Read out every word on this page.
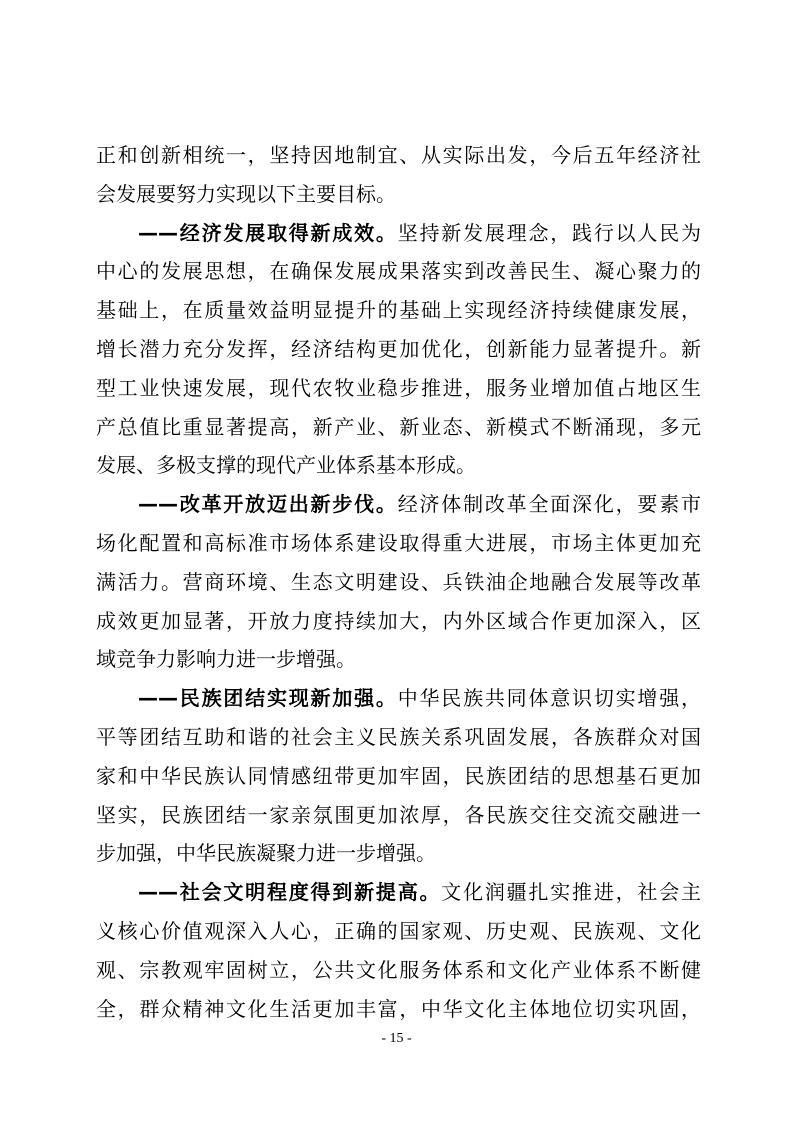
正和创新相统一，坚持因地制宜、从实际出发，今后五年经济社
会发展要努力实现以下主要目标。
——经济发展取得新成效。坚持新发展理念，践行以人民为
中心的发展思想，在确保发展成果落实到改善民生、凝心聚力的
基础上，在质量效益明显提升的基础上实现经济持续健康发展，
增长潜力充分发挥，经济结构更加优化，创新能力显著提升。新
型工业快速发展，现代农牧业稳步推进，服务业增加值占地区生
产总值比重显著提高，新产业、新业态、新模式不断涌现，多元
发展、多极支撑的现代产业体系基本形成。
——改革开放迈出新步伐。经济体制改革全面深化，要素市
场化配置和高标准市场体系建设取得重大进展，市场主体更加充
满活力。营商环境、生态文明建设、兵铁油企地融合发展等改革
成效更加显著，开放力度持续加大，内外区域合作更加深入，区
域竞争力影响力进一步增强。
——民族团结实现新加强。中华民族共同体意识切实增强，
平等团结互助和谐的社会主义民族关系巩固发展，各族群众对国
家和中华民族认同情感纽带更加牢固，民族团结的思想基石更加
坚实，民族团结一家亲氛围更加浓厚，各民族交往交流交融进一
步加强，中华民族凝聚力进一步增强。
——社会文明程度得到新提高。文化润疆扎实推进，社会主
义核心价值观深入人心，正确的国家观、历史观、民族观、文化
观、宗教观牢固树立，公共文化服务体系和文化产业体系不断健
全，群众精神文化生活更加丰富，中华文化主体地位切实巩固，
- 15 -
